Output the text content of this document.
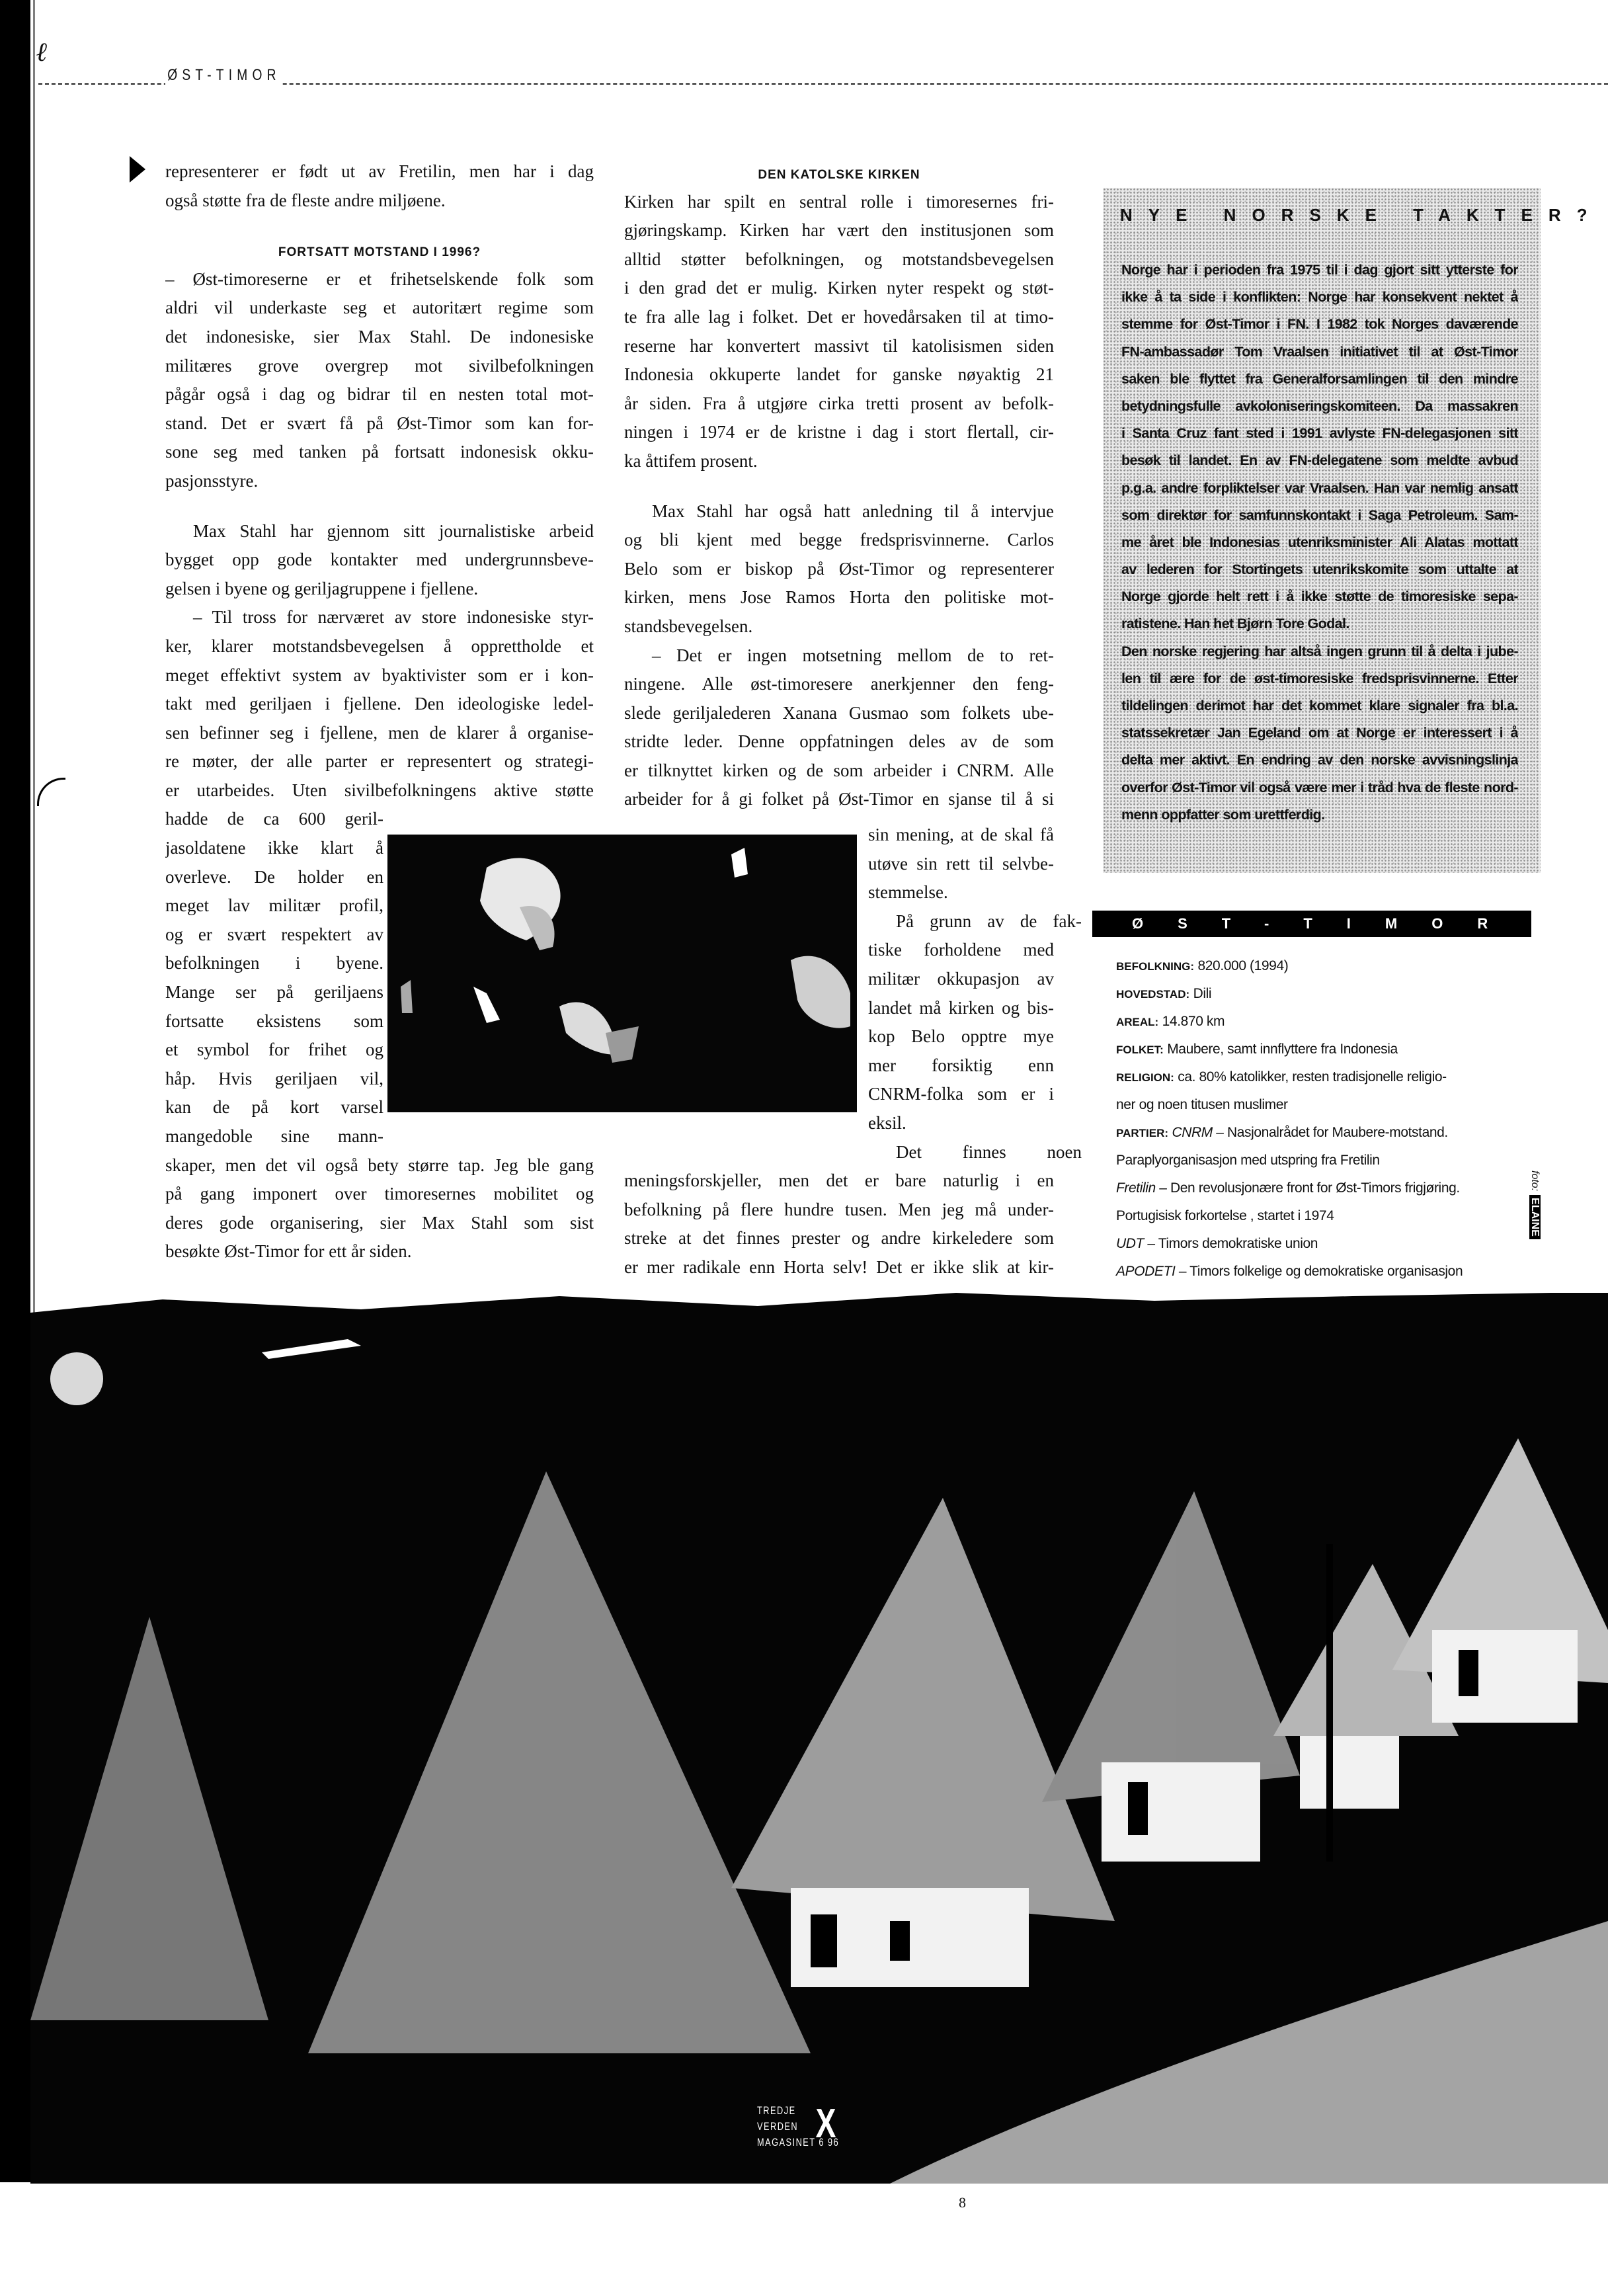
ℓ
ØST-TIMOR
representerer er født ut av Fretilin, men har i dag
også støtte fra de fleste andre miljøene.
FORTSATT MOTSTAND I 1996?
– Øst-timoreserne er et frihetselskende folk som
aldri vil underkaste seg et autoritært regime som
det indonesiske, sier Max Stahl. De indonesiske
militæres grove overgrep mot sivilbefolkningen
pågår også i dag og bidrar til en nesten total mot-
stand. Det er svært få på Øst-Timor som kan for-
sone seg med tanken på fortsatt indonesisk okku-
pasjonsstyre.
Max Stahl har gjennom sitt journalistiske arbeid
bygget opp gode kontakter med undergrunnsbeve-
gelsen i byene og geriljagruppene i fjellene.
– Til tross for nærværet av store indonesiske styr-
ker, klarer motstandsbevegelsen å opprettholde et
meget effektivt system av byaktivister som er i kon-
takt med geriljaen i fjellene. Den ideologiske ledel-
sen befinner seg i fjellene, men de klarer å organise-
re møter, der alle parter er representert og strategi-
er utarbeides. Uten sivilbefolkningens aktive støtte
hadde de ca 600 geril-
jasoldatene ikke klart å
overleve. De holder en
meget lav militær profil,
og er svært respektert av
befolkningen i byene.
Mange ser på geriljaens
fortsatte eksistens som
et symbol for frihet og
håp. Hvis geriljaen vil,
kan de på kort varsel
mangedoble sine mann-
skaper, men det vil også bety større tap. Jeg ble gang
på gang imponert over timoresernes mobilitet og
deres gode organisering, sier Max Stahl som sist
besøkte Øst-Timor for ett år siden.
DEN KATOLSKE KIRKEN
Kirken har spilt en sentral rolle i timoresernes fri-
gjøringskamp. Kirken har vært den institusjonen som
alltid støtter befolkningen, og motstandsbevegelsen
i den grad det er mulig. Kirken nyter respekt og støt-
te fra alle lag i folket. Det er hovedårsaken til at timo-
reserne har konvertert massivt til katolisismen siden
Indonesia okkuperte landet for ganske nøyaktig 21
år siden. Fra å utgjøre cirka tretti prosent av befolk-
ningen i 1974 er de kristne i dag i stort flertall, cir-
ka åttifem prosent.
Max Stahl har også hatt anledning til å intervjue
og bli kjent med begge fredsprisvinnerne. Carlos
Belo som er biskop på Øst-Timor og representerer
kirken, mens Jose Ramos Horta den politiske mot-
standsbevegelsen.
– Det er ingen motsetning mellom de to ret-
ningene. Alle øst-timoresere anerkjenner den feng-
slede geriljalederen Xanana Gusmao som folkets ube-
stridte leder. Denne oppfatningen deles av de som
er tilknyttet kirken og de som arbeider i CNRM. Alle
arbeider for å gi folket på Øst-Timor en sjanse til å si
sin mening, at de skal få
utøve sin rett til selvbe-
stemmelse.
På grunn av de fak-
tiske forholdene med
militær okkupasjon av
landet må kirken og bis-
kop Belo opptre mye
mer forsiktig enn
CNRM-folka som er i
eksil.
Det finnes noen
meningsforskjeller, men det er bare naturlig i en
befolkning på flere hundre tusen. Men jeg må under-
streke at det finnes prester og andre kirkeledere som
er mer radikale enn Horta selv! Det er ikke slik at kir-
NYE NORSKE TAKTER?
Norge har i perioden fra 1975 til i dag gjort sitt ytterste for
ikke å ta side i konflikten: Norge har konsekvent nektet å
stemme for Øst-Timor i FN. I 1982 tok Norges daværende
FN-ambassadør Tom Vraalsen initiativet til at Øst-Timor
saken ble flyttet fra Generalforsamlingen til den mindre
betydningsfulle avkoloniseringskomiteen. Da massakren
i Santa Cruz fant sted i 1991 avlyste FN-delegasjonen sitt
besøk til landet. En av FN-delegatene som meldte avbud
p.g.a. andre forpliktelser var Vraalsen. Han var nemlig ansatt
som direktør for samfunnskontakt i Saga Petroleum. Sam-
me året ble Indonesias utenriksminister Ali Alatas mottatt
av lederen for Stortingets utenrikskomite som uttalte at
Norge gjorde helt rett i å ikke støtte de timoresiske sepa-
ratistene. Han het Bjørn Tore Godal.
Den norske regjering har altså ingen grunn til å delta i jube-
len til ære for de øst-timoresiske fredsprisvinnerne. Etter
tildelingen derimot har det kommet klare signaler fra bl.a.
statssekretær Jan Egeland om at Norge er interessert i å
delta mer aktivt. En endring av den norske avvisningslinja
overfor Øst-Timor vil også være mer i tråd hva de fleste nord-
menn oppfatter som urettferdig.
ØST-TIMOR
BEFOLKNING: 820.000 (1994)
HOVEDSTAD: Dili
AREAL: 14.870 km
FOLKET: Maubere, samt innflyttere fra Indonesia
RELIGION: ca. 80% katolikker, resten tradisjonelle religio-
ner og noen titusen muslimer
PARTIER: CNRM – Nasjonalrådet for Maubere-motstand.
Paraplyorganisasjon med utspring fra Fretilin
Fretilin – Den revolusjonære front for Øst-Timors frigjøring.
Portugisisk forkortelse , startet i 1974
UDT – Timors demokratiske union
APODETI – Timors folkelige og demokratiske organisasjon
foto:ELAINE
TREDJE
VERDEN
MAGASINET 6 96
X
8
